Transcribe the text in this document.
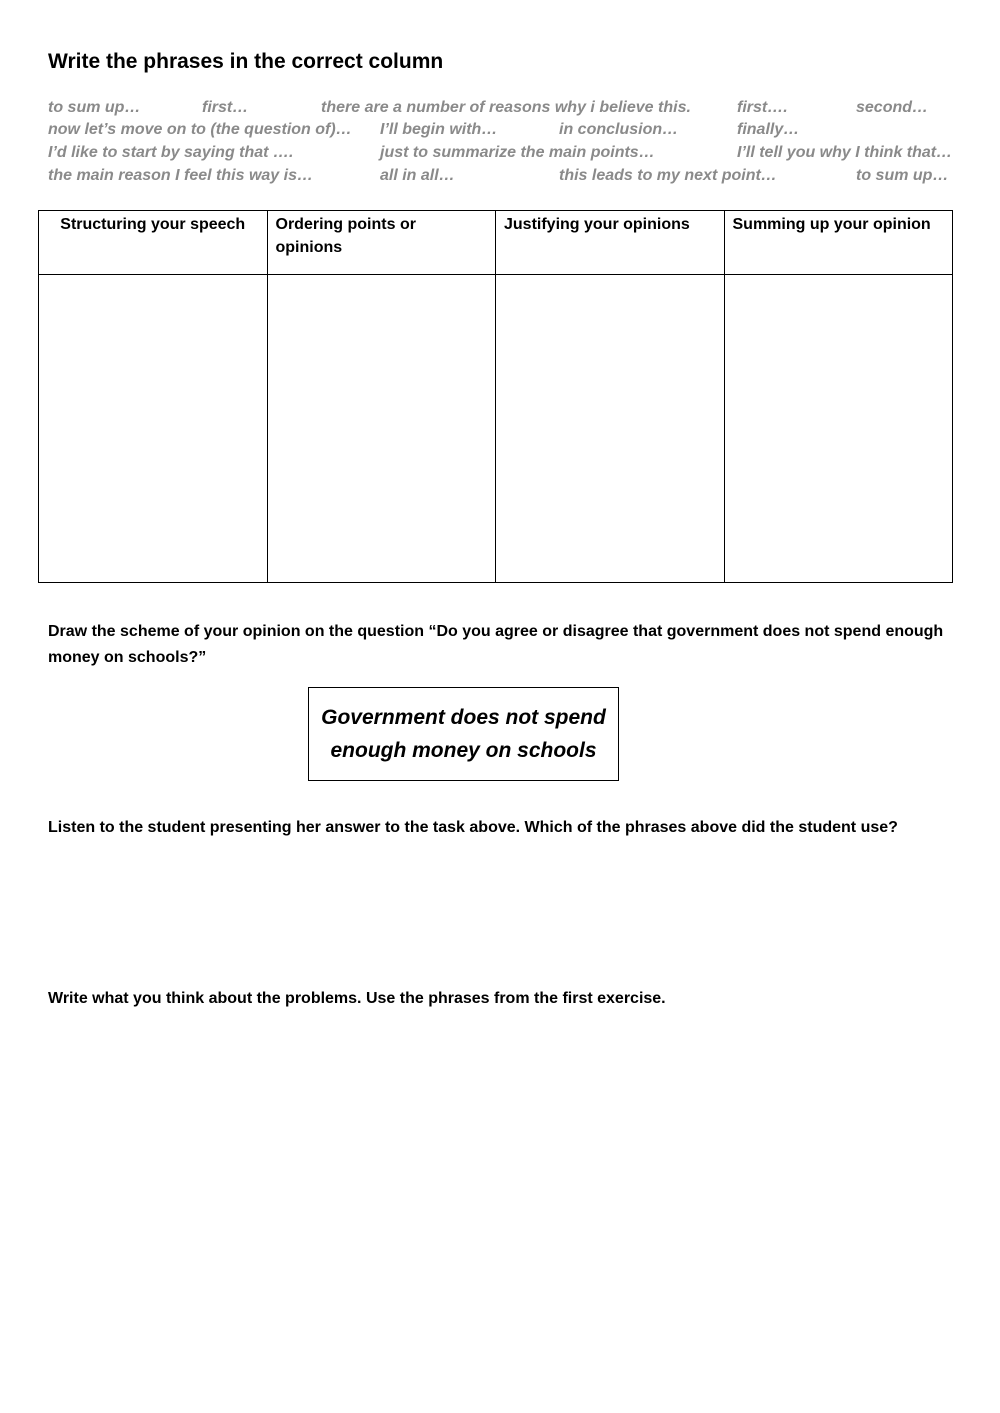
Write the phrases in the correct column
to sum up…	first…	there are a number of reasons why i believe this.	first….	second…
now let’s move on to (the question of)… I’ll begin with…	in conclusion…	finally…
I’d like to start by saying that ….	just to summarize the main points…	I’ll tell you why I think that…
the main reason I feel this way is…	all in all…	this leads to my next point…	to sum up…
Structuring your speech	Ordering points or opinions	Justifying your opinions	Summing up your opinion

Draw the scheme of your opinion on the question “Do you agree or disagree that government does not spend enough money on schools?”

Government does not spend enough money on schools

Listen to the student presenting her answer to the task above. Which of the phrases above did the student use?

Write what you think about the problems. Use the phrases from the first exercise.
